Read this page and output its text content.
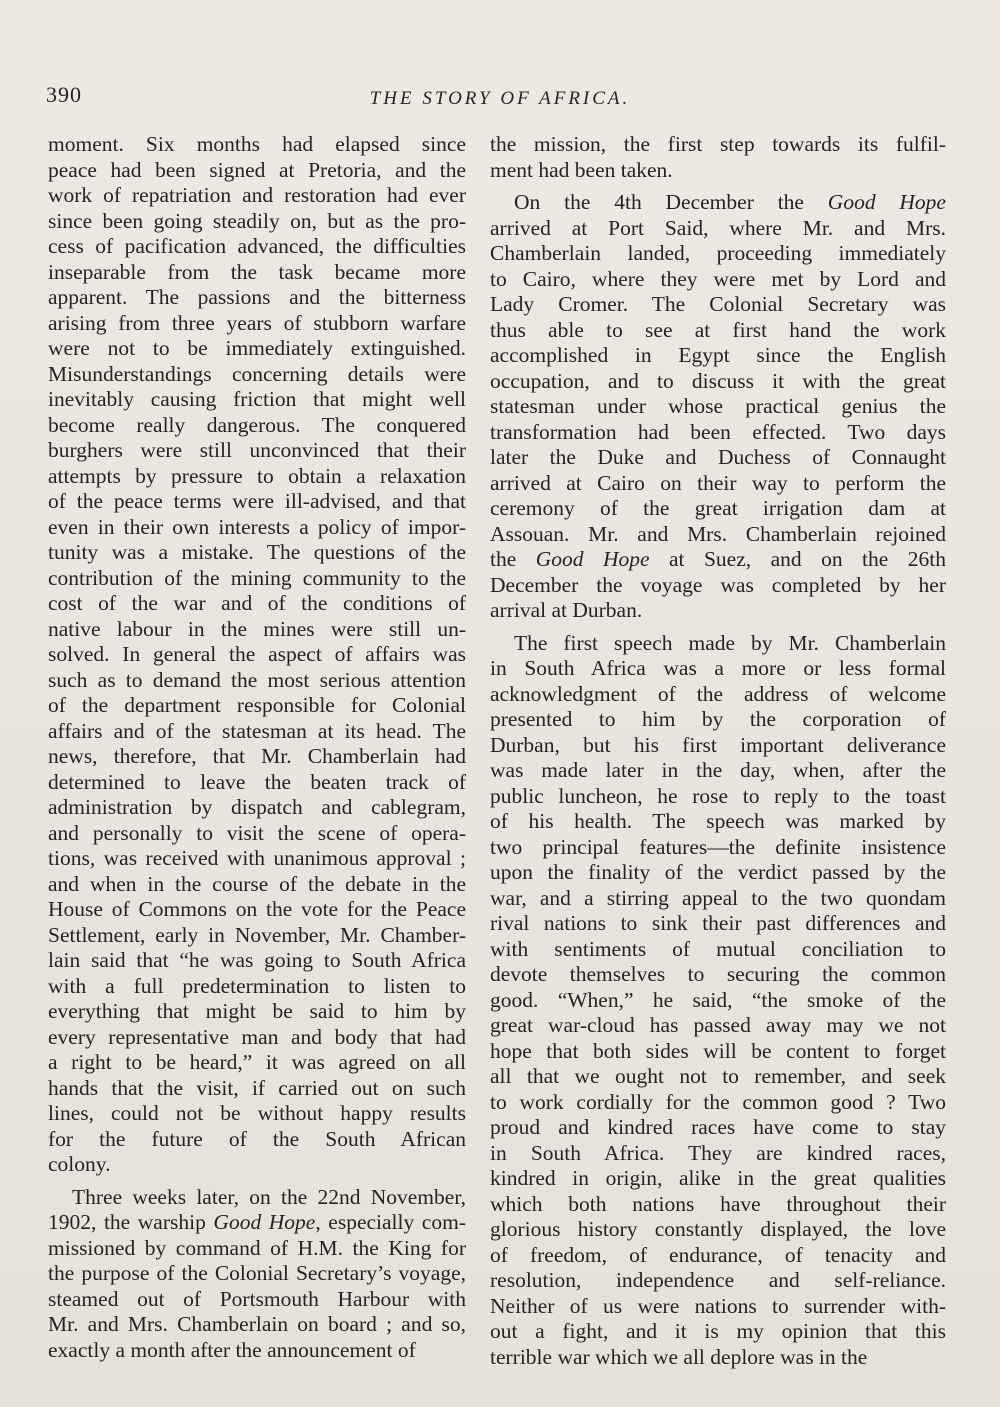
390	THE STORY OF AFRICA.
moment. Six months had elapsed since
peace had been signed at Pretoria, and the
work of repatriation and restoration had ever
since been going steadily on, but as the pro-
cess of pacification advanced, the difficulties
inseparable from the task became more
apparent. The passions and the bitterness
arising from three years of stubborn warfare
were not to be immediately extinguished.
Misunderstandings concerning details were
inevitably causing friction that might well
become really dangerous. The conquered
burghers were still unconvinced that their
attempts by pressure to obtain a relaxation
of the peace terms were ill-advised, and that
even in their own interests a policy of impor-
tunity was a mistake. The questions of the
contribution of the mining community to the
cost of the war and of the conditions of
native labour in the mines were still un-
solved. In general the aspect of affairs was
such as to demand the most serious attention
of the department responsible for Colonial
affairs and of the statesman at its head. The
news, therefore, that Mr. Chamberlain had
determined to leave the beaten track of
administration by dispatch and cablegram,
and personally to visit the scene of opera-
tions, was received with unanimous approval ;
and when in the course of the debate in the
House of Commons on the vote for the Peace
Settlement, early in November, Mr. Chamber-
lain said that “he was going to South Africa
with a full predetermination to listen to
everything that might be said to him by
every representative man and body that had
a right to be heard,” it was agreed on all
hands that the visit, if carried out on such
lines, could not be without happy results
for the future of the South African
colony.
Three weeks later, on the 22nd November,
1902, the warship Good Hope, especially com-
missioned by command of H.M. the King for
the purpose of the Colonial Secretary’s voyage,
steamed out of Portsmouth Harbour with
Mr. and Mrs. Chamberlain on board ; and so,
exactly a month after the announcement of
the mission, the first step towards its fulfil-
ment had been taken.
On the 4th December the Good Hope
arrived at Port Said, where Mr. and Mrs.
Chamberlain landed, proceeding immediately
to Cairo, where they were met by Lord and
Lady Cromer. The Colonial Secretary was
thus able to see at first hand the work
accomplished in Egypt since the English
occupation, and to discuss it with the great
statesman under whose practical genius the
transformation had been effected. Two days
later the Duke and Duchess of Connaught
arrived at Cairo on their way to perform the
ceremony of the great irrigation dam at
Assouan. Mr. and Mrs. Chamberlain rejoined
the Good Hope at Suez, and on the 26th
December the voyage was completed by her
arrival at Durban.
The first speech made by Mr. Chamberlain
in South Africa was a more or less formal
acknowledgment of the address of welcome
presented to him by the corporation of
Durban, but his first important deliverance
was made later in the day, when, after the
public luncheon, he rose to reply to the toast
of his health. The speech was marked by
two principal features—the definite insistence
upon the finality of the verdict passed by the
war, and a stirring appeal to the two quondam
rival nations to sink their past differences and
with sentiments of mutual conciliation to
devote themselves to securing the common
good. “When,” he said, “the smoke of the
great war-cloud has passed away may we not
hope that both sides will be content to forget
all that we ought not to remember, and seek
to work cordially for the common good ? Two
proud and kindred races have come to stay
in South Africa. They are kindred races,
kindred in origin, alike in the great qualities
which both nations have throughout their
glorious history constantly displayed, the love
of freedom, of endurance, of tenacity and
resolution, independence and self-reliance.
Neither of us were nations to surrender with-
out a fight, and it is my opinion that this
terrible war which we all deplore was in the
